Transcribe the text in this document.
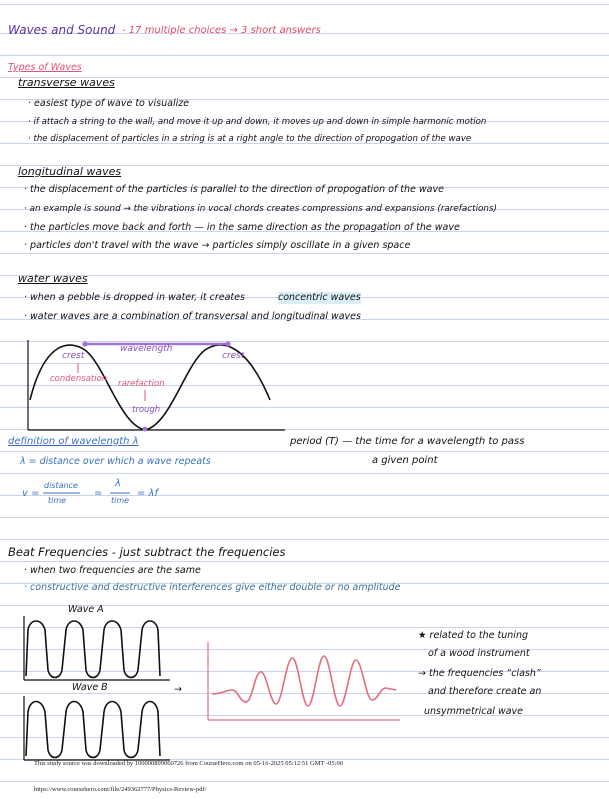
Waves and Sound - 17 multiple choices → 3 short answers
Types of Waves
transverse waves
· easiest type of wave to visualize
· if attach a string to the wall, and move it up and down, it moves up and down in simple harmonic motion
· the displacement of particles in a string is at a right angle to the direction of propogation of the wave
longitudinal waves
· the displacement of the particles is parallel to the direction of propogation of the wave
· an example is sound → the vibrations in vocal chords creates compressions and expansions (rarefactions)
· the particles move back and forth — in the same direction as the propagation of the wave
· particles don't travel with the wave → particles simply oscillate in a given space
water waves
· when a pebble is dropped in water, it creates	concentric waves
· water waves are a combination of transversal and longitudinal waves
crest
wavelength
crest
condensation rarefaction
trough
definition of wavelength λ
λ = distance over which a wave repeats
v =
distance
time
=
λ
time
= λf
period (T) — the time for a wavelength to pass
a given point
Beat Frequencies - just subtract the frequencies
· when two frequencies are the same
· constructive and destructive interferences give either double or no amplitude
Wave A
Wave B	→
★ related to the tuning
of a wood instrument
→ the frequencies “clash”
and therefore create an
unsymmetrical wave
This study source was downloaded by 100000899060726 from CourseHero.com on 05-16-2025 05:12:51 GMT -05:00
https://www.coursehero.com/file/249362777/Physics-Review-pdf/
